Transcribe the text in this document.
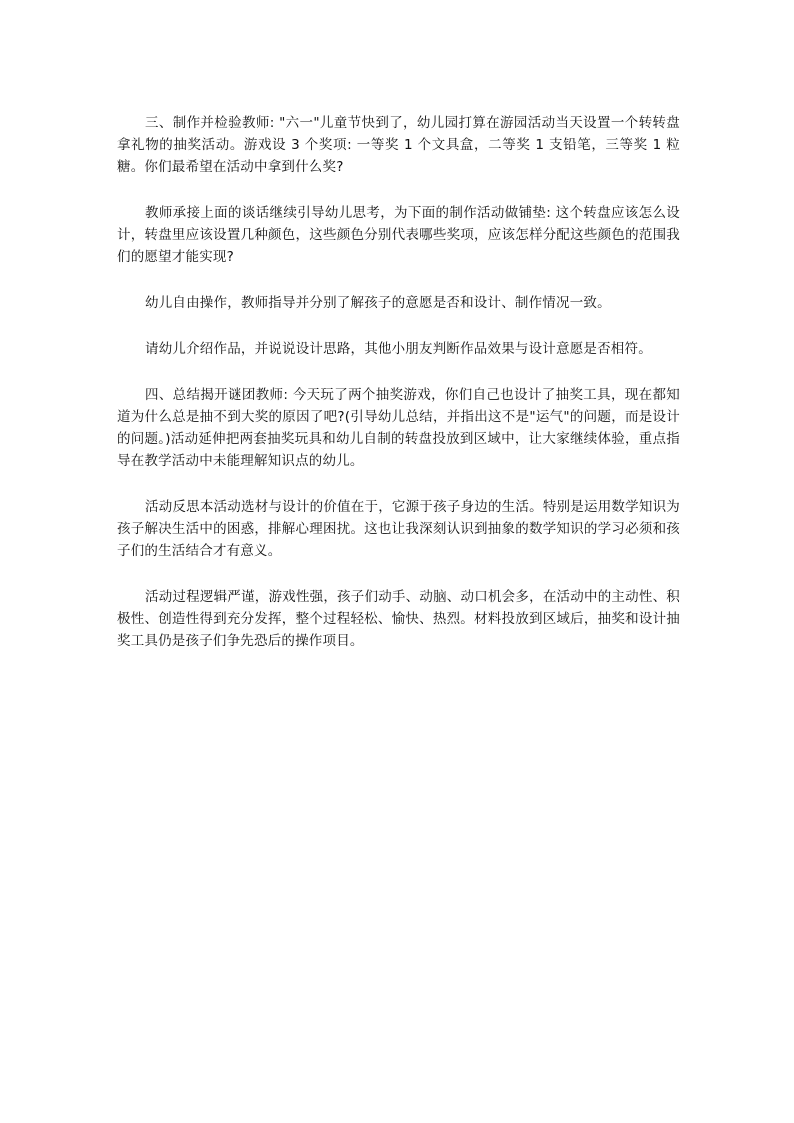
三、制作并检验教师: "六一"儿童节快到了，幼儿园打算在游园活动当天设置一个转转盘拿礼物的抽奖活动。游戏设 3 个奖项: 一等奖 1 个文具盒，二等奖 1 支铅笔，三等奖 1 粒糖。你们最希望在活动中拿到什么奖?

教师承接上面的谈话继续引导幼儿思考，为下面的制作活动做铺垫: 这个转盘应该怎么设计，转盘里应该设置几种颜色，这些颜色分别代表哪些奖项，应该怎样分配这些颜色的范围我们的愿望才能实现?

幼儿自由操作，教师指导并分别了解孩子的意愿是否和设计、制作情况一致。

请幼儿介绍作品，并说说设计思路，其他小朋友判断作品效果与设计意愿是否相符。

四、总结揭开谜团教师: 今天玩了两个抽奖游戏，你们自己也设计了抽奖工具，现在都知道为什么总是抽不到大奖的原因了吧?(引导幼儿总结，并指出这不是"运气"的问题，而是设计的问题。)活动延伸把两套抽奖玩具和幼儿自制的转盘投放到区域中，让大家继续体验，重点指导在教学活动中未能理解知识点的幼儿。

活动反思本活动选材与设计的价值在于，它源于孩子身边的生活。特别是运用数学知识为孩子解决生活中的困惑，排解心理困扰。这也让我深刻认识到抽象的数学知识的学习必须和孩子们的生活结合才有意义。

活动过程逻辑严谨，游戏性强，孩子们动手、动脑、动口机会多，在活动中的主动性、积极性、创造性得到充分发挥，整个过程轻松、愉快、热烈。材料投放到区域后，抽奖和设计抽奖工具仍是孩子们争先恐后的操作项目。
